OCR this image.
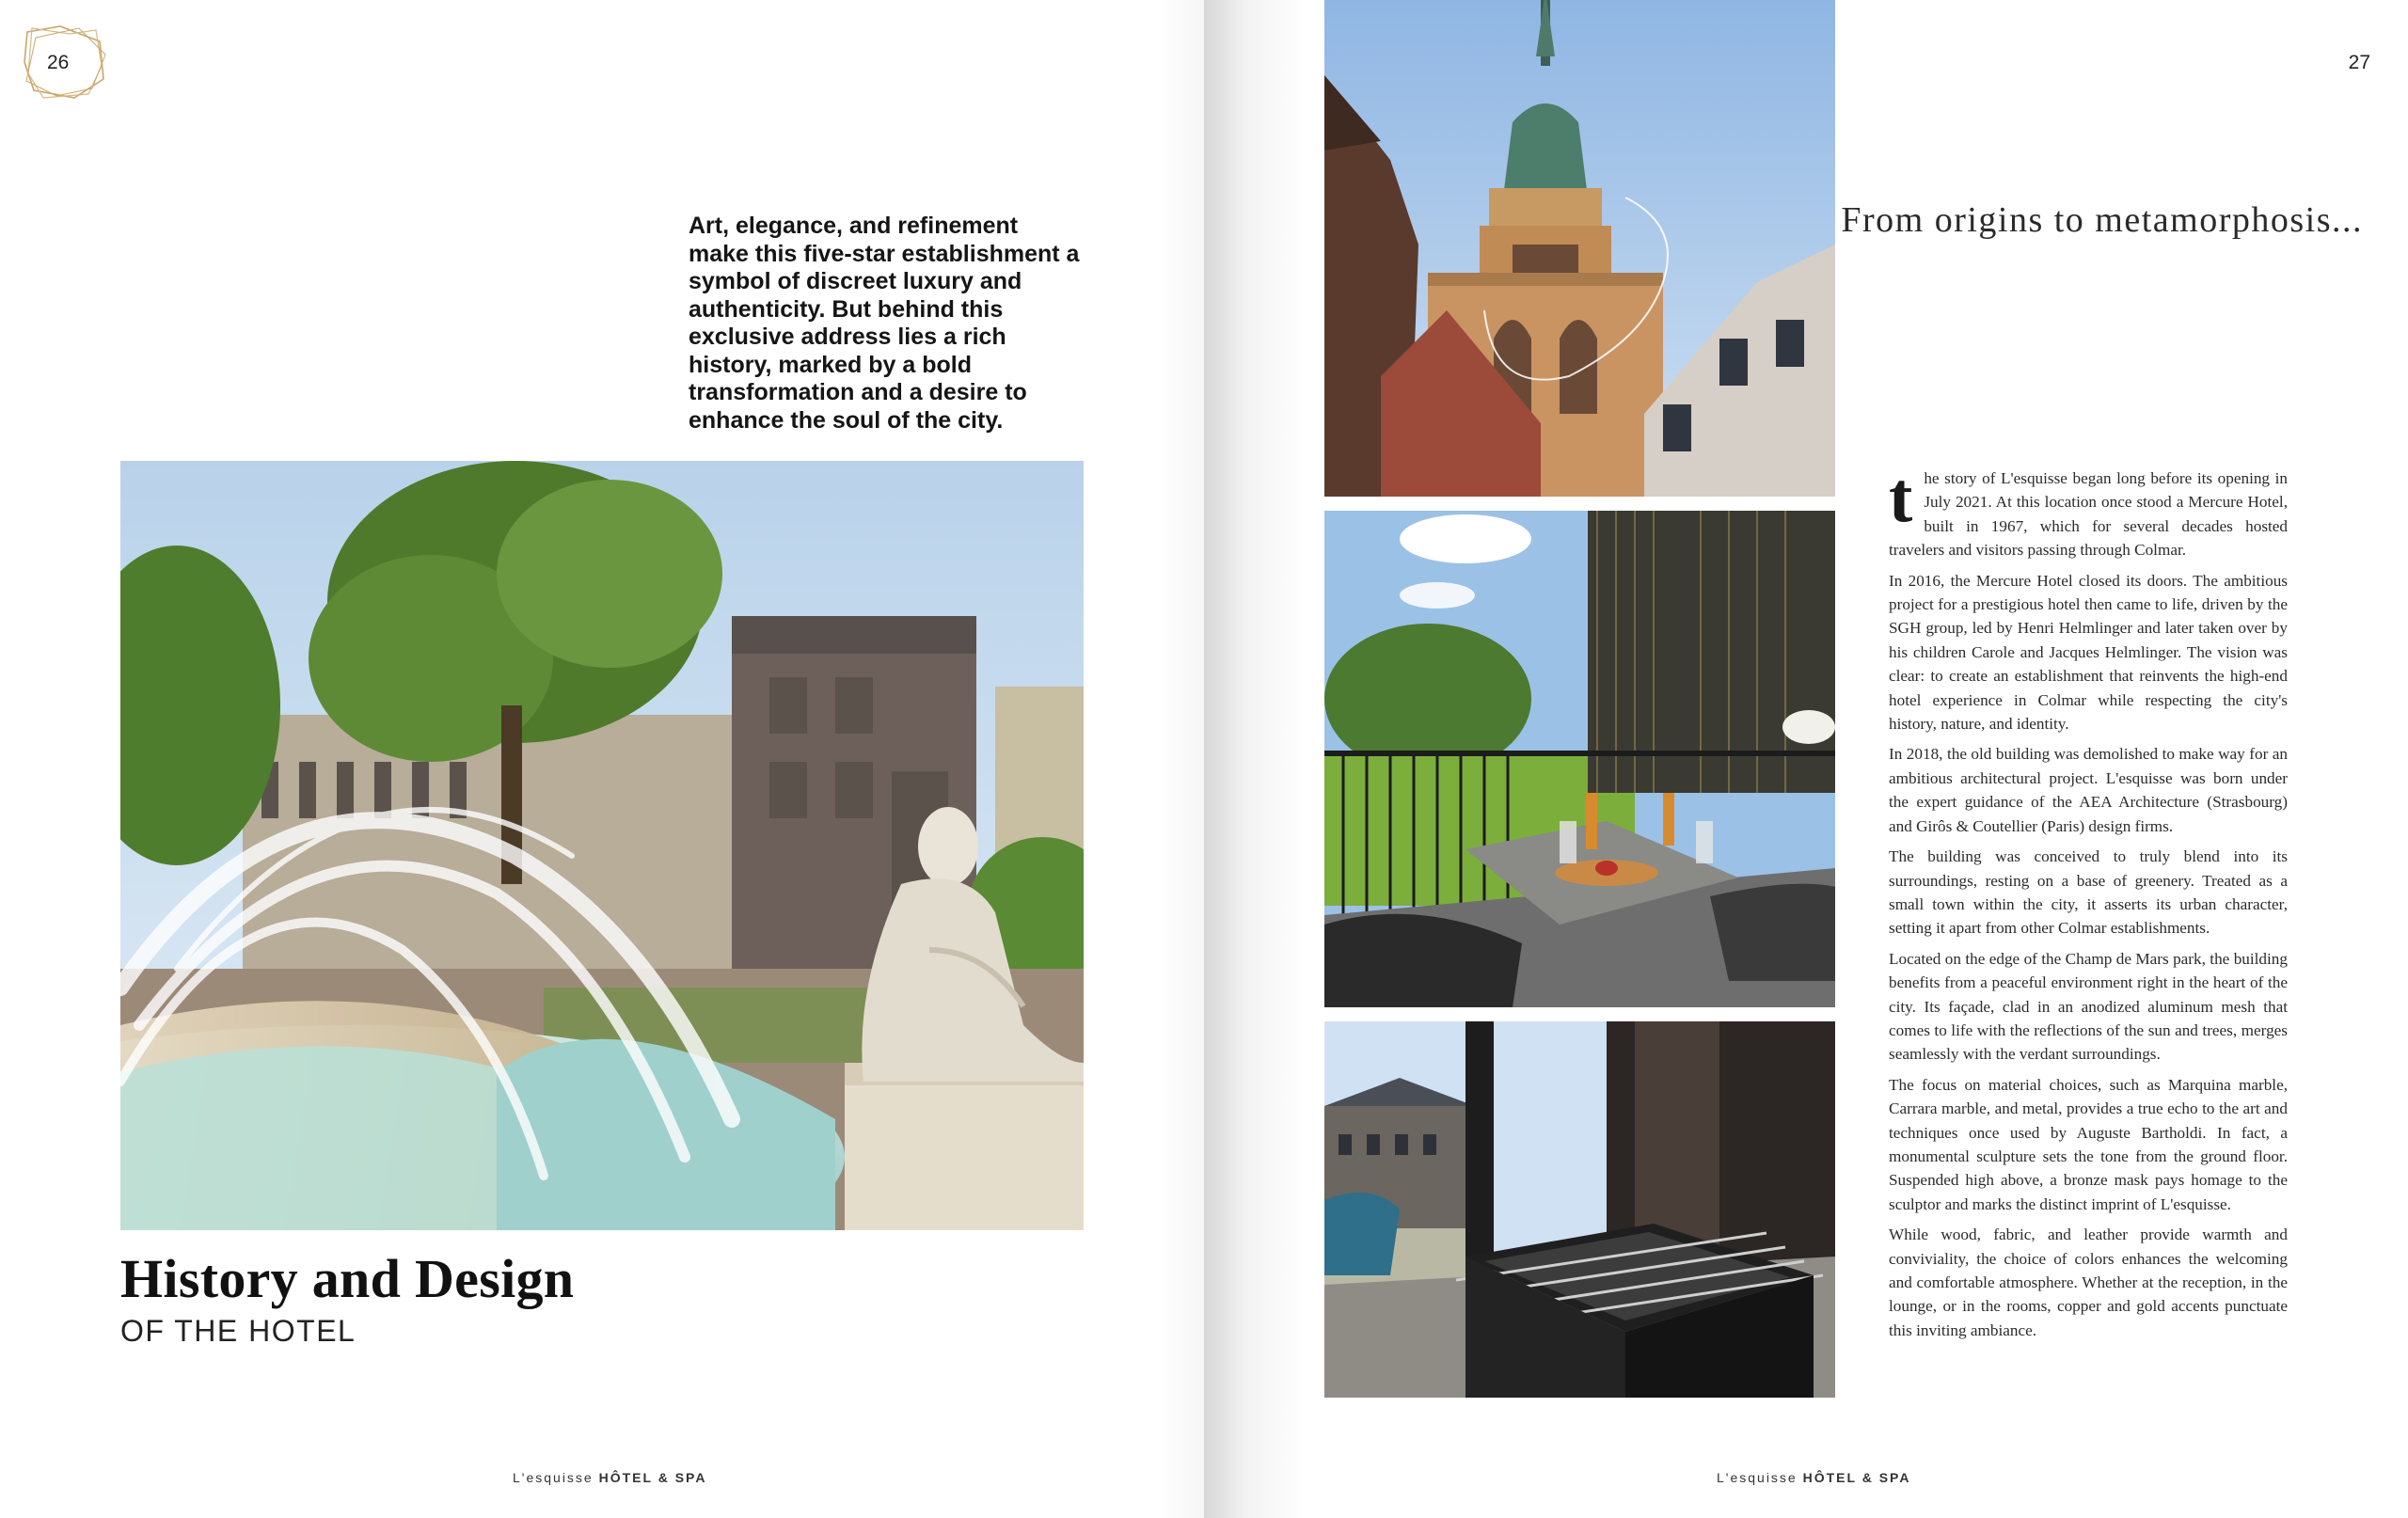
26
Art, elegance, and refinement make this five-star establishment a symbol of discreet luxury and authenticity. But behind this exclusive address lies a rich history, marked by a bold transformation and a desire to enhance the soul of the city.
History and Design
OF THE HOTEL
L'esquisse HÔTEL & SPA
From origins to metamorphosis...
27

the story of L'esquisse began long before its opening in July 2021. At this location once stood a Mercure Hotel, built in 1967, which for several decades hosted travelers and visitors passing through Colmar.

In 2016, the Mercure Hotel closed its doors. The ambitious project for a prestigious hotel then came to life, driven by the SGH group, led by Henri Helmlinger and later taken over by his children Carole and Jacques Helmlinger. The vision was clear: to create an establishment that reinvents the high-end hotel experience in Colmar while respecting the city's history, nature, and identity.

In 2018, the old building was demolished to make way for an ambitious architectural project. L'esquisse was born under the expert guidance of the AEA Architecture (Strasbourg) and Girôs & Coutellier (Paris) design firms.

The building was conceived to truly blend into its surroundings, resting on a base of greenery. Treated as a small town within the city, it asserts its urban character, setting it apart from other Colmar establishments.

Located on the edge of the Champ de Mars park, the building benefits from a peaceful environment right in the heart of the city. Its façade, clad in an anodized aluminum mesh that comes to life with the reflections of the sun and trees, merges seamlessly with the verdant surroundings.

The focus on material choices, such as Marquina marble, Carrara marble, and metal, provides a true echo to the art and techniques once used by Auguste Bartholdi. In fact, a monumental sculpture sets the tone from the ground floor. Suspended high above, a bronze mask pays homage to the sculptor and marks the distinct imprint of L'esquisse.

While wood, fabric, and leather provide warmth and conviviality, the choice of colors enhances the welcoming and comfortable atmosphere. Whether at the reception, in the lounge, or in the rooms, copper and gold accents punctuate this inviting ambiance.

L'esquisse HÔTEL & SPA
